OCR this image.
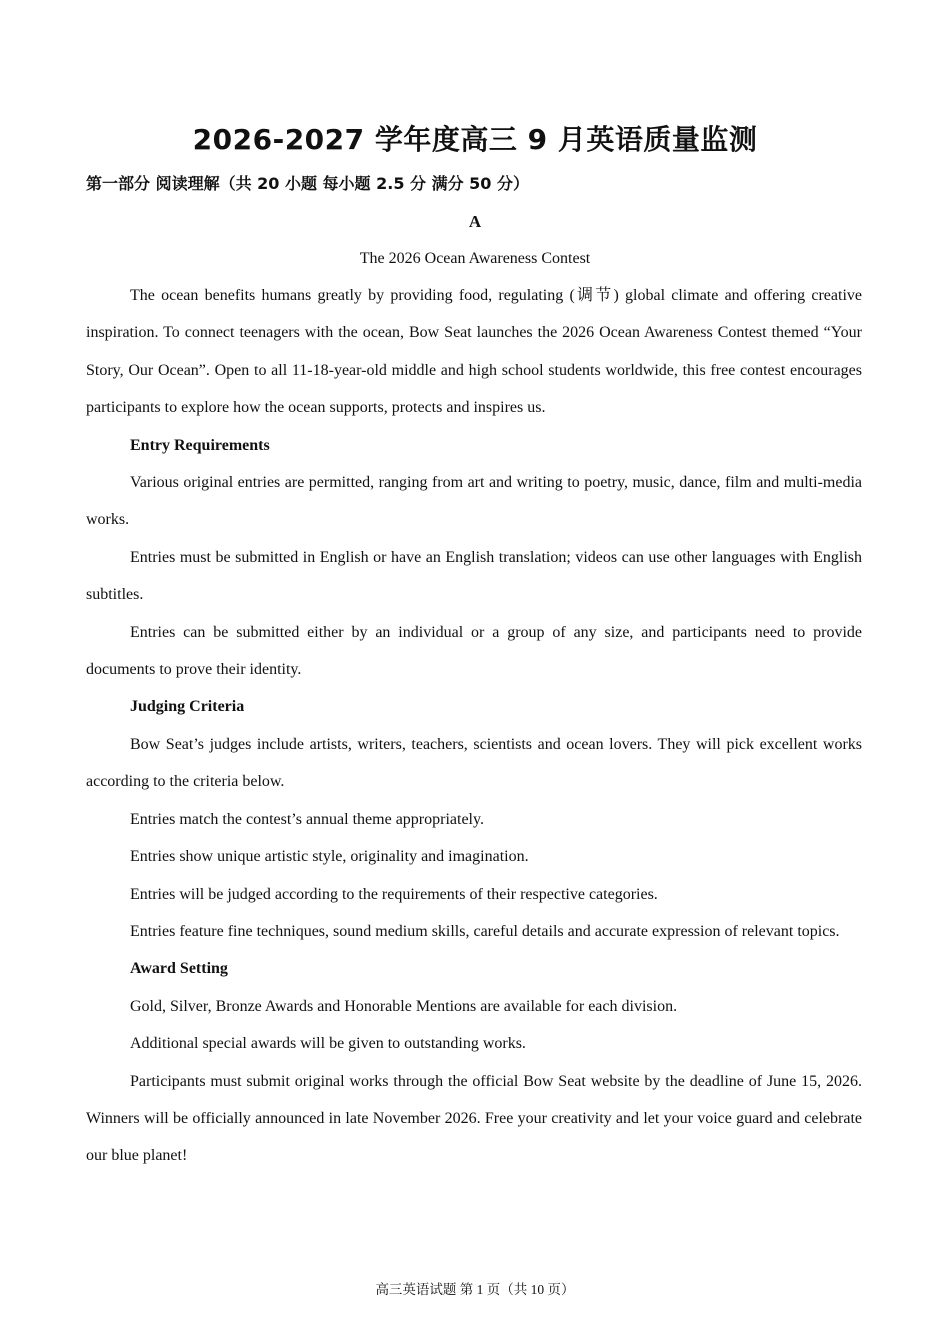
2026-2027 学年度高三 9 月英语质量监测
第一部分 阅读理解（共 20 小题 每小题 2.5 分 满分 50 分）
A
The 2026 Ocean Awareness Contest

The ocean benefits humans greatly by providing food, regulating (调节) global climate and offering creative inspiration. To connect teenagers with the ocean, Bow Seat launches the 2026 Ocean Awareness Contest themed “Your Story, Our Ocean”. Open to all 11-18-year-old middle and high school students worldwide, this free contest encourages participants to explore how the ocean supports, protects and inspires us.

Entry Requirements

Various original entries are permitted, ranging from art and writing to poetry, music, dance, film and multi-media works.

Entries must be submitted in English or have an English translation; videos can use other languages with English subtitles.

Entries can be submitted either by an individual or a group of any size, and participants need to provide documents to prove their identity.

Judging Criteria

Bow Seat’s judges include artists, writers, teachers, scientists and ocean lovers. They will pick excellent works according to the criteria below.

Entries match the contest’s annual theme appropriately.

Entries show unique artistic style, originality and imagination.

Entries will be judged according to the requirements of their respective categories.

Entries feature fine techniques, sound medium skills, careful details and accurate expression of relevant topics.

Award Setting

Gold, Silver, Bronze Awards and Honorable Mentions are available for each division.

Additional special awards will be given to outstanding works.

Participants must submit original works through the official Bow Seat website by the deadline of June 15, 2026. Winners will be officially announced in late November 2026. Free your creativity and let your voice guard and celebrate our blue planet!

高三英语试题 第 1 页（共 10 页）
